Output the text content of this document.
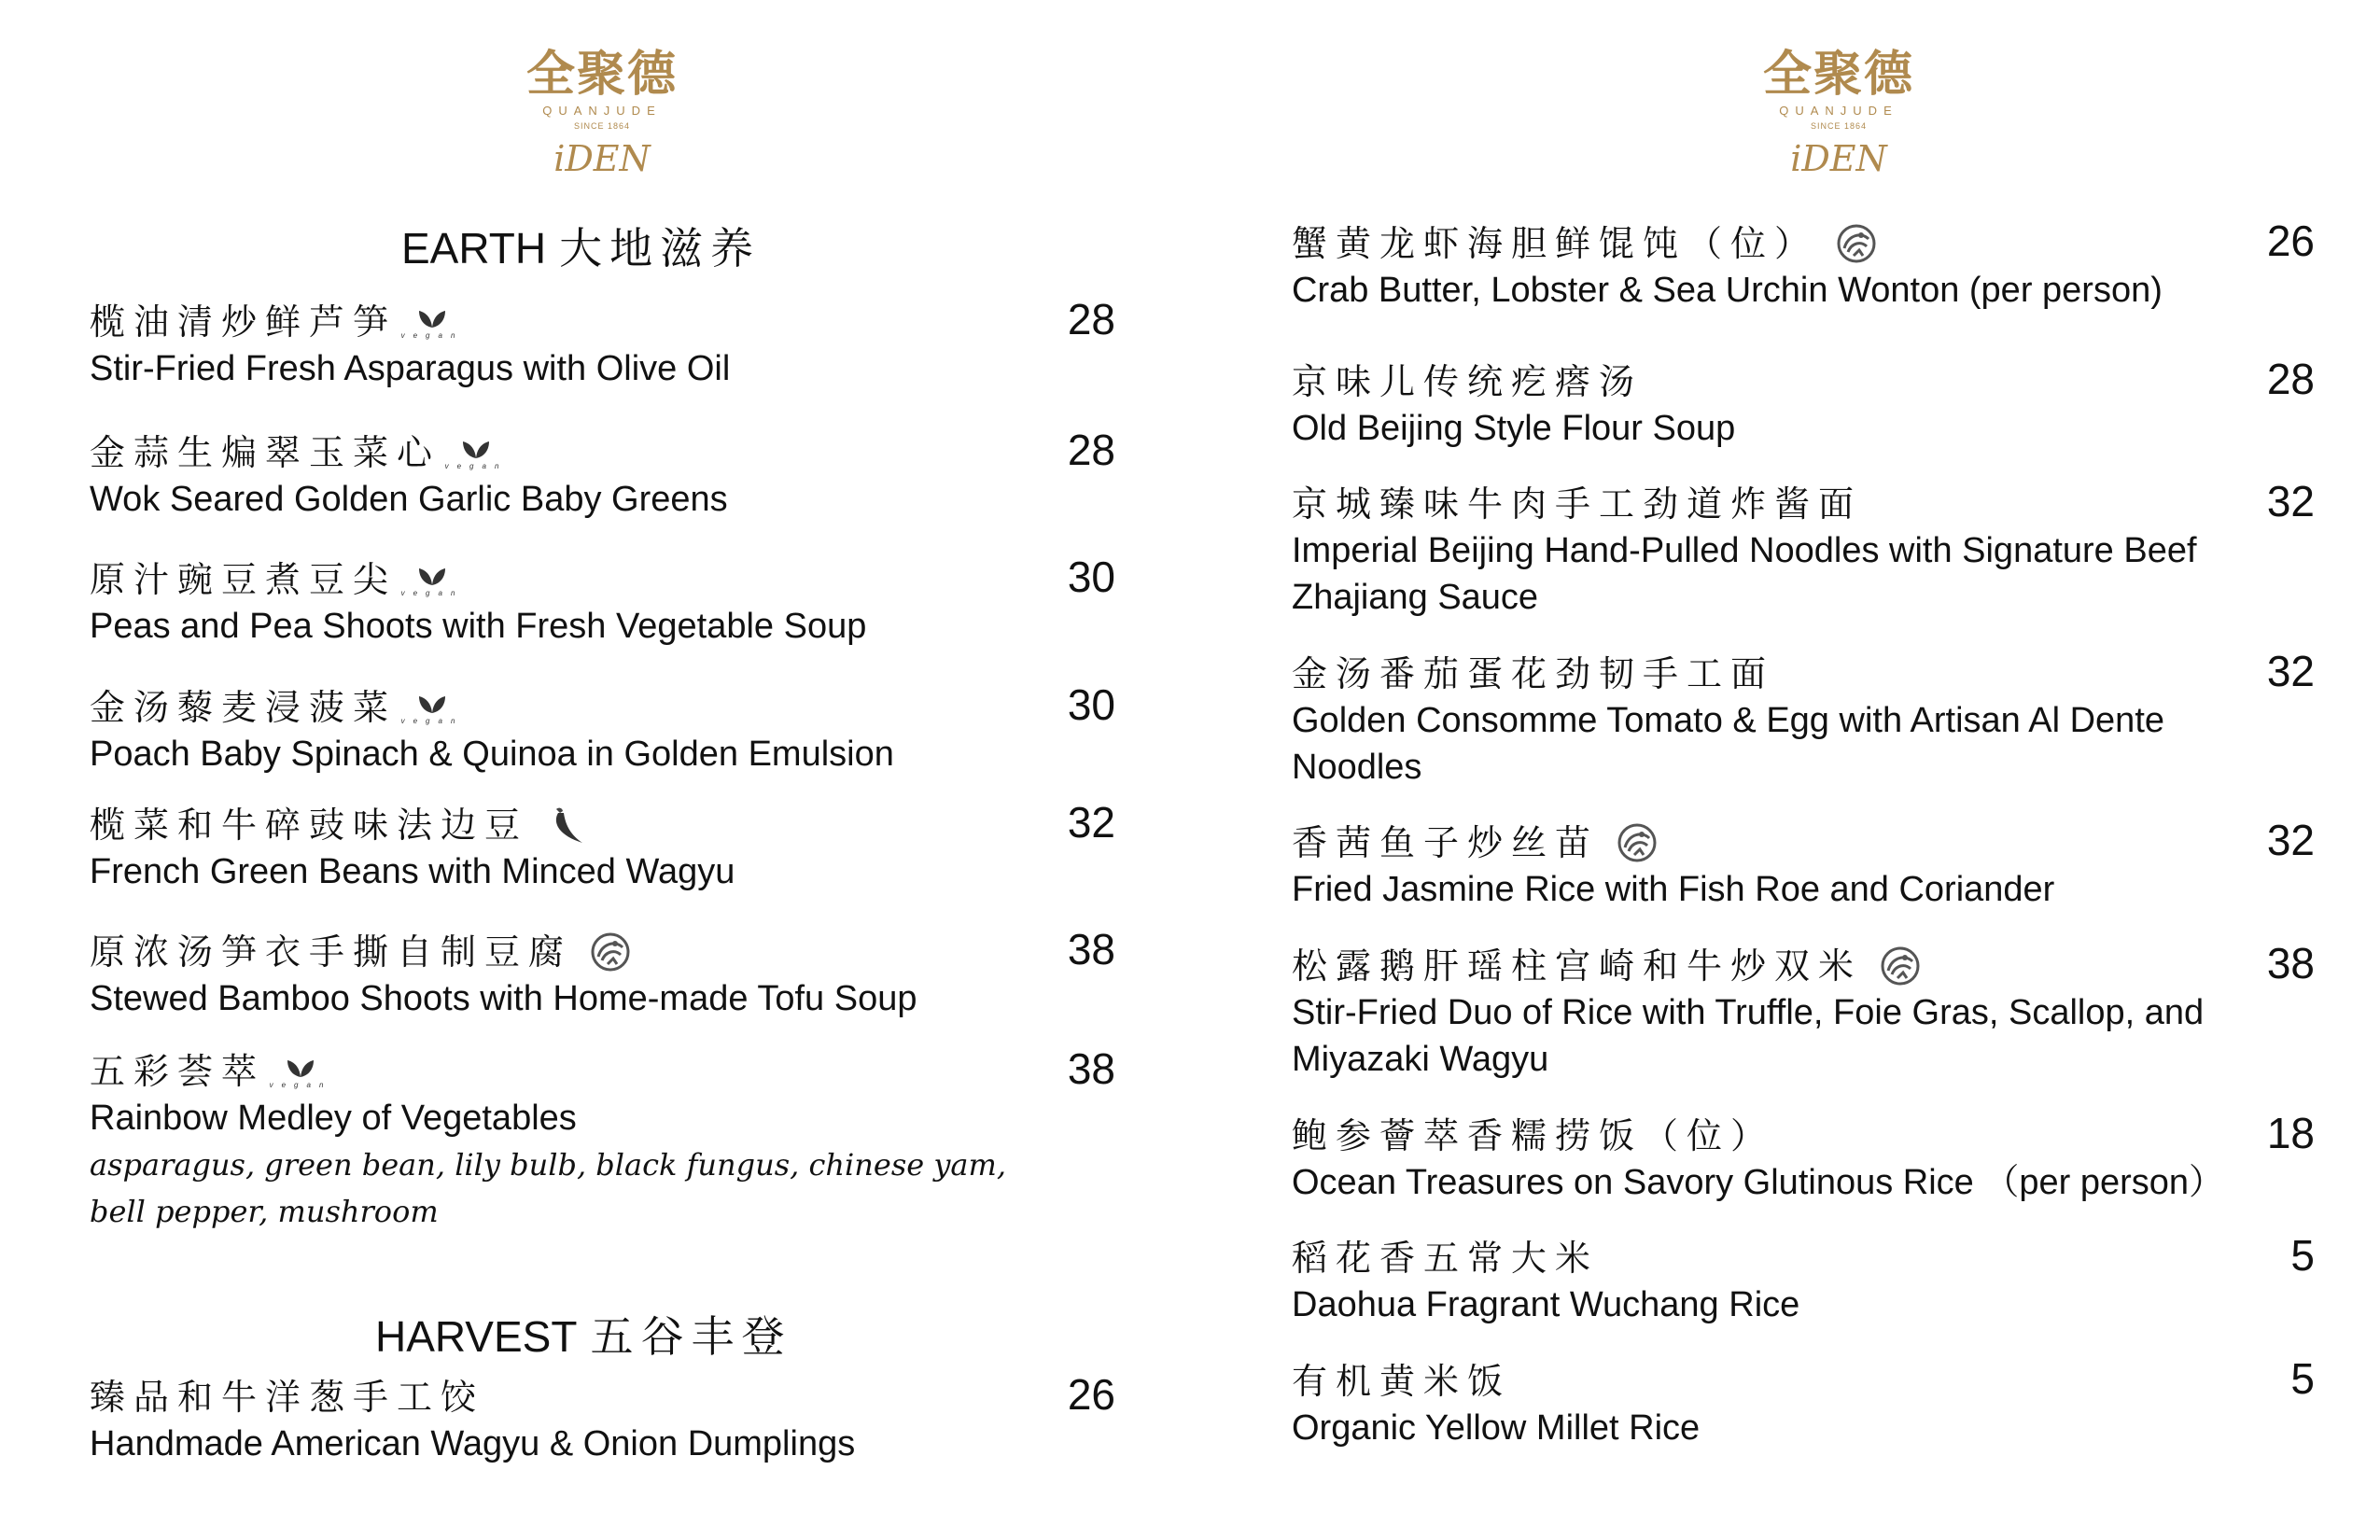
全聚德
QUANJUDE
SINCE 1864
iDEN
全聚德
QUANJUDE
SINCE 1864
iDEN
EARTH 大地滋养
HARVEST 五谷丰登
榄油清炒鲜芦笋 vegan
Stir-Fried Fresh Asparagus with Olive Oil
28
金蒜生煸翠玉菜心 vegan
Wok Seared Golden Garlic Baby Greens
28
原汁豌豆煮豆尖 vegan
Peas and Pea Shoots with Fresh Vegetable Soup
30
金汤藜麦浸菠菜 vegan
Poach Baby Spinach & Quinoa in Golden Emulsion
30
榄菜和牛碎豉味法边豆
French Green Beans with Minced Wagyu
32
原浓汤笋衣手撕自制豆腐
Stewed Bamboo Shoots with Home-made Tofu Soup
38
五彩荟萃 vegan
Rainbow Medley of Vegetables
asparagus, green bean, lily bulb, black fungus, chinese yam, bell pepper, mushroom
38
臻品和牛洋葱手工饺
Handmade American Wagyu & Onion Dumplings
26
蟹黄龙虾海胆鲜馄饨（位）
Crab Butter, Lobster & Sea Urchin Wonton (per person)
26
京味儿传统疙瘩汤
Old Beijing Style Flour Soup
28
京城臻味牛肉手工劲道炸酱面
Imperial Beijing Hand-Pulled Noodles with Signature Beef Zhajiang Sauce
32
金汤番茄蛋花劲韧手工面
Golden Consomme Tomato & Egg with Artisan Al Dente Noodles
32
香茜鱼子炒丝苗
Fried Jasmine Rice with Fish Roe and Coriander
32
松露鹅肝瑶柱宫崎和牛炒双米
Stir-Fried Duo of Rice with Truffle, Foie Gras, Scallop, and Miyazaki Wagyu
38
鲍参薈萃香糯捞饭（位）
Ocean Treasures on Savory Glutinous Rice （per person）
18
稻花香五常大米
Daohua Fragrant Wuchang Rice
5
有机黄米饭
Organic Yellow Millet Rice
5
